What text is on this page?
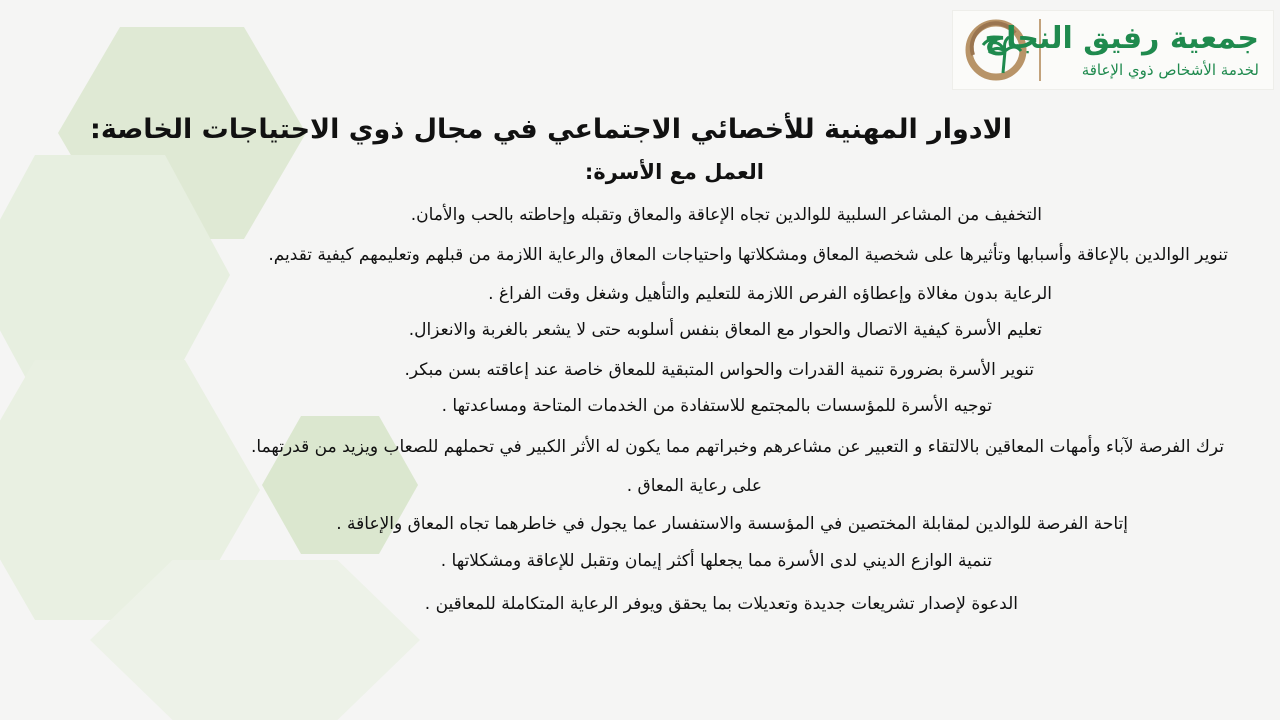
جمعية رفيق النجاح
لخدمة الأشخاص ذوي الإعاقة
الادوار المهنية للأخصائي الاجتماعي في مجال ذوي الاحتياجات الخاصة:
العمل مع الأسرة:
التخفيف من المشاعر السلبية للوالدين تجاه الإعاقة والمعاق وتقبله وإحاطته بالحب والأمان.
تنوير الوالدين بالإعاقة وأسبابها وتأثيرها على شخصية المعاق ومشكلاتها واحتياجات المعاق والرعاية اللازمة من قبلهم وتعليمهم كيفية تقديم.
الرعاية بدون مغالاة وإعطاؤه الفرص اللازمة للتعليم والتأهيل وشغل وقت الفراغ .
تعليم الأسرة كيفية الاتصال والحوار مع المعاق بنفس أسلوبه حتى لا يشعر بالغربة والانعزال.
تنوير الأسرة بضرورة تنمية القدرات والحواس المتبقية للمعاق خاصة عند إعاقته بسن مبكر.
توجيه الأسرة للمؤسسات بالمجتمع للاستفادة من الخدمات المتاحة ومساعدتها .
ترك الفرصة لآباء وأمهات المعاقين بالالتقاء و التعبير عن مشاعرهم وخبراتهم مما يكون له الأثر الكبير في تحملهم للصعاب ويزيد من قدرتهما.
على رعاية المعاق .
إتاحة الفرصة للوالدين لمقابلة المختصين في المؤسسة والاستفسار عما يجول في خاطرهما تجاه المعاق والإعاقة .
تنمية الوازع الديني لدى الأسرة مما يجعلها أكثر إيمان وتقبل للإعاقة ومشكلاتها .
الدعوة لإصدار تشريعات جديدة وتعديلات بما يحقق ويوفر الرعاية المتكاملة للمعاقين .
